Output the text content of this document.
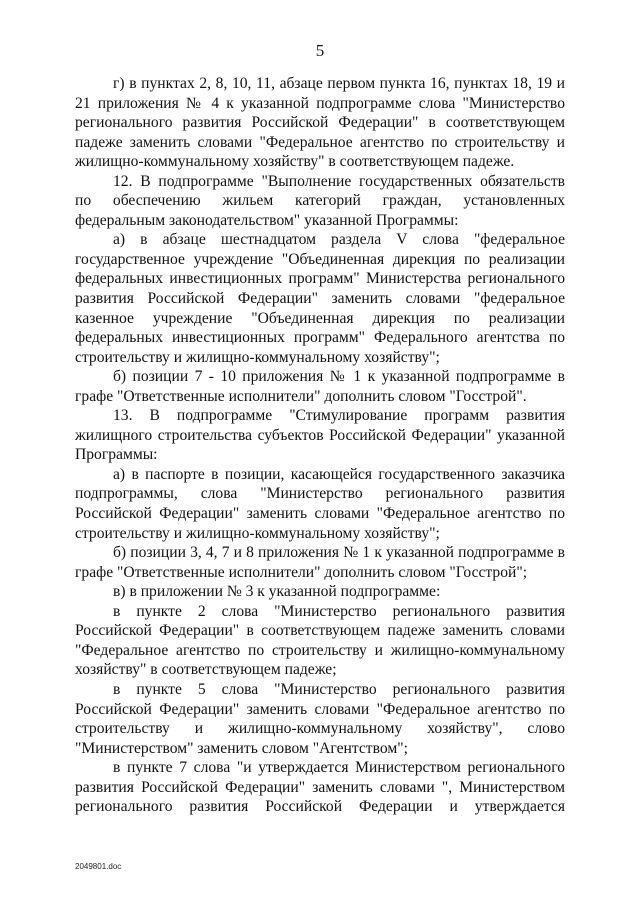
5

г) в пунктах 2, 8, 10, 11, абзаце первом пункта 16, пунктах 18, 19 и 21 приложения № 4 к указанной подпрограмме слова "Министерство регионального развития Российской Федерации" в соответствующем падеже заменить словами "Федеральное агентство по строительству и жилищно-коммунальному хозяйству" в соответствующем падеже.

12. В подпрограмме "Выполнение государственных обязательств по обеспечению жильем категорий граждан, установленных федеральным законодательством" указанной Программы:

а) в абзаце шестнадцатом раздела V слова "федеральное государственное учреждение "Объединенная дирекция по реализации федеральных инвестиционных программ" Министерства регионального развития Российской Федерации" заменить словами "федеральное казенное учреждение "Объединенная дирекция по реализации федеральных инвестиционных программ" Федерального агентства по строительству и жилищно-коммунальному хозяйству";

б) позиции 7 - 10 приложения № 1 к указанной подпрограмме в графе "Ответственные исполнители" дополнить словом "Госстрой".

13. В подпрограмме "Стимулирование программ развития жилищного строительства субъектов Российской Федерации" указанной Программы:

а) в паспорте в позиции, касающейся государственного заказчика подпрограммы, слова "Министерство регионального развития Российской Федерации" заменить словами "Федеральное агентство по строительству и жилищно-коммунальному хозяйству";

б) позиции 3, 4, 7 и 8 приложения № 1 к указанной подпрограмме в графе "Ответственные исполнители" дополнить словом "Госстрой";

в) в приложении № 3 к указанной подпрограмме:

в пункте 2 слова "Министерство регионального развития Российской Федерации" в соответствующем падеже заменить словами "Федеральное агентство по строительству и жилищно-коммунальному хозяйству" в соответствующем падеже;

в пункте 5 слова "Министерство регионального развития Российской Федерации" заменить словами "Федеральное агентство по строительству и жилищно-коммунальному хозяйству", слово "Министерством" заменить словом "Агентством";

в пункте 7 слова "и утверждается Министерством регионального развития Российской Федерации" заменить словами ", Министерством регионального развития Российской Федерации и утверждается

2049801.doc
